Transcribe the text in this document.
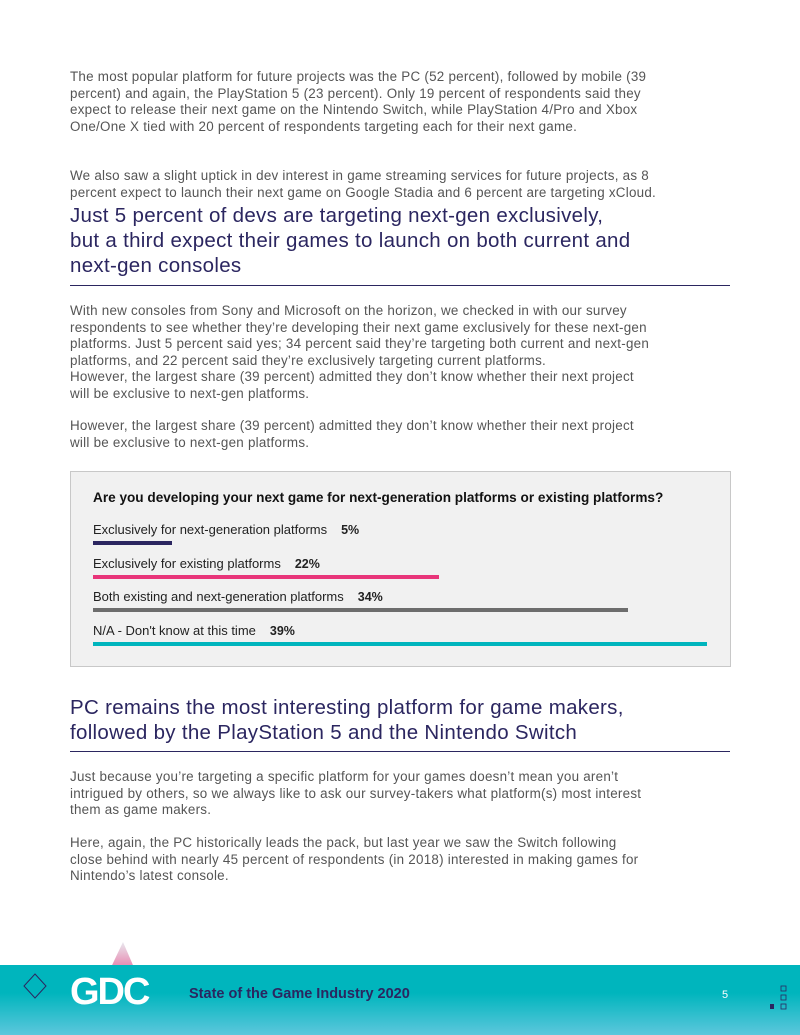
The most popular platform for future projects was the PC (52 percent), followed by mobile (39
percent) and again, the PlayStation 5 (23 percent). Only 19 percent of respondents said they
expect to release their next game on the Nintendo Switch, while PlayStation 4/Pro and Xbox
One/One X tied with 20 percent of respondents targeting each for their next game.
We also saw a slight uptick in dev interest in game streaming services for future projects, as 8
percent expect to launch their next game on Google Stadia and 6 percent are targeting xCloud.
Just 5 percent of devs are targeting next-gen exclusively,
but a third expect their games to launch on both current and
next-gen consoles
With new consoles from Sony and Microsoft on the horizon, we checked in with our survey
respondents to see whether they’re developing their next game exclusively for these next-gen
platforms. Just 5 percent said yes; 34 percent said they’re targeting both current and next-gen
platforms, and 22 percent said they’re exclusively targeting current platforms.
However, the largest share (39 percent) admitted they don’t know whether their next project
will be exclusive to next-gen platforms.
However, the largest share (39 percent) admitted they don’t know whether their next project
will be exclusive to next-gen platforms.
Are you developing your next game for next-generation platforms or existing platforms?
Exclusively for next-generation platforms 5%
Exclusively for existing platforms 22%
Both existing and next-generation platforms 34%
N/A - Don't know at this time 39%
PC remains the most interesting platform for game makers,
followed by the PlayStation 5 and the Nintendo Switch
Just because you’re targeting a specific platform for your games doesn’t mean you aren’t
intrigued by others, so we always like to ask our survey-takers what platform(s) most interest
them as game makers.
Here, again, the PC historically leads the pack, but last year we saw the Switch following
close behind with nearly 45 percent of respondents (in 2018) interested in making games for
Nintendo’s latest console.
GDC	State of the Game Industry 2020	5
